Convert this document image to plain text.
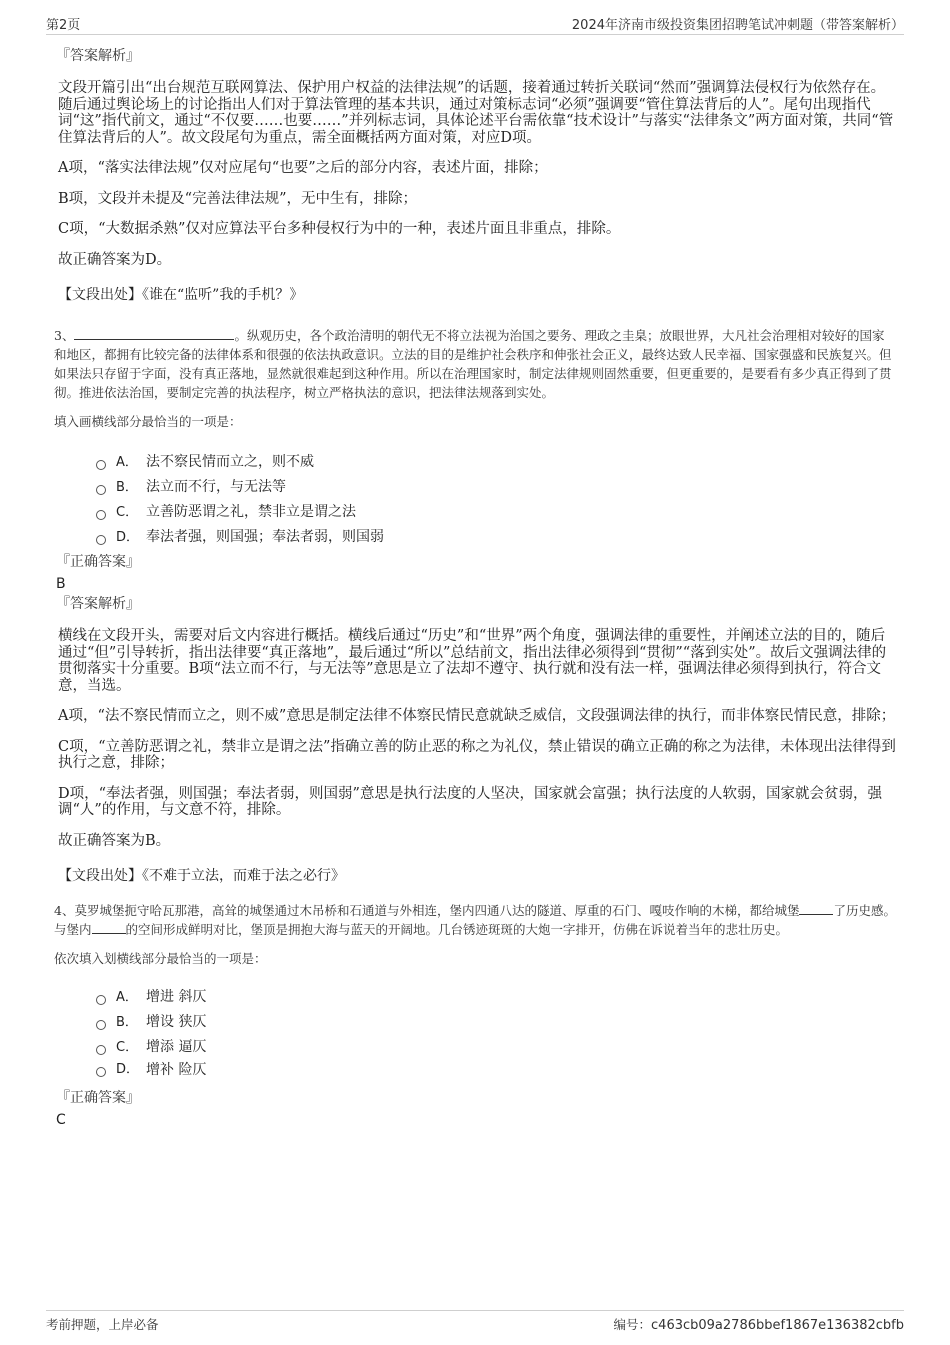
第2页	2024年济南市级投资集团招聘笔试冲刺题（带答案解析）

『答案解析』

文段开篇引出“出台规范互联网算法、保护用户权益的法律法规”的话题，接着通过转折关联词“然而”强调算法侵权行为依然存在。随后通过舆论场上的讨论指出人们对于算法管理的基本共识，通过对策标志词“必须”强调要“管住算法背后的人”。尾句出现指代词“这”指代前文，通过“不仅要……也要……”并列标志词，具体论述平台需依靠“技术设计”与落实“法律条文”两方面对策，共同“管住算法背后的人”。故文段尾句为重点，需全面概括两方面对策，对应D项。

A项，“落实法律法规”仅对应尾句“也要”之后的部分内容，表述片面，排除；

B项，文段并未提及“完善法律法规”，无中生有，排除；

C项，“大数据杀熟”仅对应算法平台多种侵权行为中的一种，表述片面且非重点，排除。

故正确答案为D。

【文段出处】《谁在“监听”我的手机？》

3、	。纵观历史，各个政治清明的朝代无不将立法视为治国之要务、理政之圭臬；放眼世界，大凡社会治理相对较好的国家和地区，都拥有比较完备的法律体系和很强的依法执政意识。立法的目的是维护社会秩序和伸张社会正义，最终达致人民幸福、国家强盛和民族复兴。但如果法只存留于字面，没有真正落地，显然就很难起到这种作用。所以在治理国家时，制定法律规则固然重要，但更重要的，是要看有多少真正得到了贯彻。推进依法治国，要制定完善的执法程序，树立严格执法的意识，把法律法规落到实处。

填入画横线部分最恰当的一项是：

A． 法不察民情而立之，则不威
B． 法立而不行，与无法等
C． 立善防恶谓之礼，禁非立是谓之法
D． 奉法者强，则国强；奉法者弱，则国弱

『正确答案』

B

『答案解析』

横线在文段开头，需要对后文内容进行概括。横线后通过“历史”和“世界”两个角度，强调法律的重要性，并阐述立法的目的，随后通过“但”引导转折，指出法律要“真正落地”，最后通过“所以”总结前文，指出法律必须得到“贯彻”“落到实处”。故后文强调法律的贯彻落实十分重要。B项“法立而不行，与无法等”意思是立了法却不遵守、执行就和没有法一样，强调法律必须得到执行，符合文意，当选。

A项，“法不察民情而立之，则不威”意思是制定法律不体察民情民意就缺乏威信，文段强调法律的执行，而非体察民情民意，排除；

C项，“立善防恶谓之礼，禁非立是谓之法”指确立善的防止恶的称之为礼仪，禁止错误的确立正确的称之为法律，未体现出法律得到执行之意，排除；

D项，“奉法者强，则国强；奉法者弱，则国弱”意思是执行法度的人坚决，国家就会富强；执行法度的人软弱，国家就会贫弱，强调“人”的作用，与文意不符，排除。

故正确答案为B。

【文段出处】《不难于立法，而难于法之必行》

4、莫罗城堡扼守哈瓦那港，高耸的城堡通过木吊桥和石通道与外相连，堡内四通八达的隧道、厚重的石门、嘎吱作响的木梯，都给城堡	了历史感。与堡内	的空间形成鲜明对比，堡顶是拥抱大海与蓝天的开阔地。几台锈迹斑斑的大炮一字排开，仿佛在诉说着当年的悲壮历史。

依次填入划横线部分最恰当的一项是：

A． 增进 斜仄
B． 增设 狭仄
C． 增添 逼仄
D． 增补 险仄

『正确答案』

C

考前押题，上岸必备	编号：c463cb09a2786bbef1867e136382cbfb
